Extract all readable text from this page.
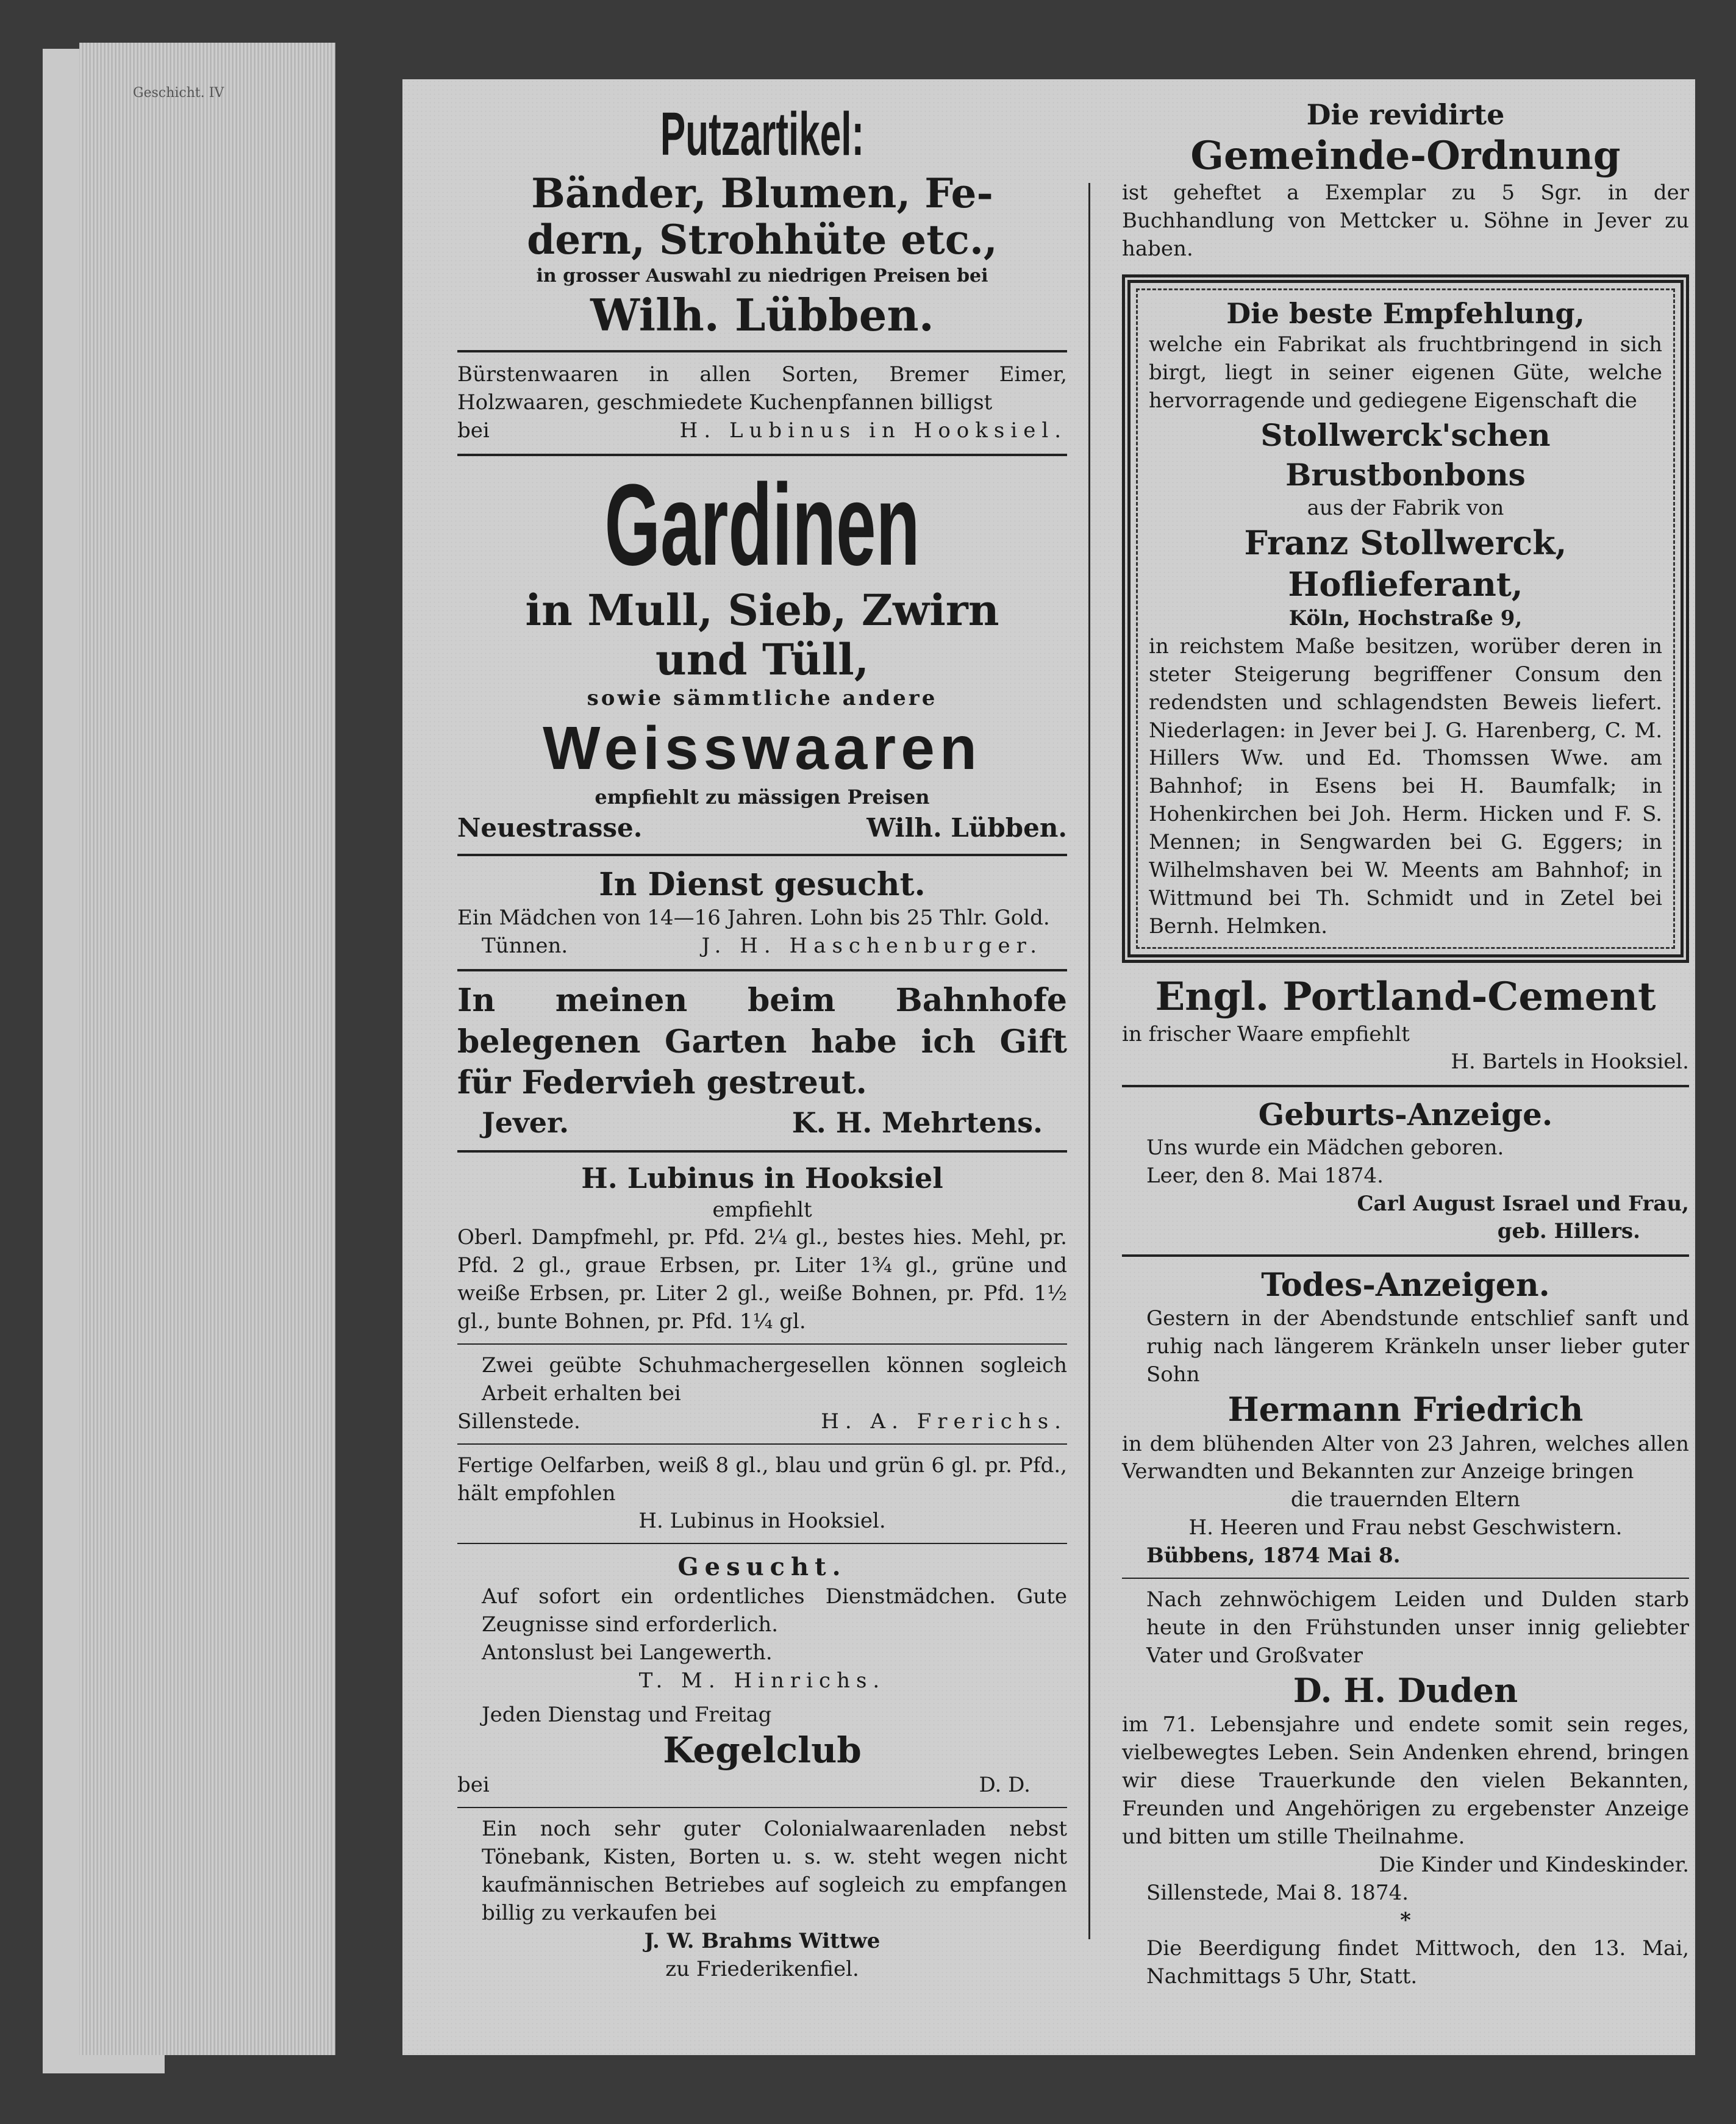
Geschicht. IV
Putzartikel:

Bänder, Blumen, Fe-

dern, Strohhüte etc.,

in grosser Auswahl zu niedrigen Preisen bei

Wilh. Lübben.

Bürstenwaaren in allen Sorten, Bremer Eimer, Holzwaaren, geschmiedete Kuchenpfannen billigst

bei	H. Lubinus in Hooksiel.
Gardinen

in Mull, Sieb, Zwirn

und Tüll,

sowie sämmtliche andere

Weisswaaren

empfiehlt zu mässigen Preisen

Neuestrasse.	Wilh. Lübben.

In Dienst gesucht.

Ein Mädchen von 14—16 Jahren. Lohn bis 25 Thlr. Gold.

Tünnen.	J. H. Haschenburger.

In meinen beim Bahnhofe belegenen Garten habe ich Gift für Federvieh gestreut.

Jever.	K. H. Mehrtens.

H. Lubinus in Hooksiel

empfiehlt

Oberl. Dampfmehl, pr. Pfd. 2¼ gl., bestes hies. Mehl, pr. Pfd. 2 gl., graue Erbsen, pr. Liter 1¾ gl., grüne und weiße Erbsen, pr. Liter 2 gl., weiße Bohnen, pr. Pfd. 1½ gl., bunte Bohnen, pr. Pfd. 1¼ gl.

Zwei geübte Schuhmachergesellen können sogleich Arbeit erhalten bei

Sillenstede.	H. A. Frerichs.

Fertige Oelfarben, weiß 8 gl., blau und grün 6 gl. pr. Pfd., hält empfohlen

H. Lubinus in Hooksiel.

Gesucht.

Auf sofort ein ordentliches Dienstmädchen. Gute Zeugnisse sind erforderlich.

Antonslust bei Langewerth.

T. M. Hinrichs.

Jeden Dienstag und Freitag

Kegelclub

bei	D. D.

Ein noch sehr guter Colonialwaarenladen nebst Tönebank, Kisten, Borten u. s. w. steht wegen nicht kaufmännischen Betriebes auf sogleich zu empfangen billig zu verkaufen bei

J. W. Brahms Wittwe

zu Friederikenfiel.

Die revidirte

Gemeinde-Ordnung

ist geheftet a Exemplar zu 5 Sgr. in der Buchhandlung von Mettcker u. Söhne in Jever zu haben.

Die beste Empfehlung,

welche ein Fabrikat als fruchtbringend in sich birgt, liegt in seiner eigenen Güte, welche hervorragende und gediegene Eigenschaft die

Stollwerck'schen Brustbonbons

aus der Fabrik von

Franz Stollwerck, Hoflieferant,

Köln, Hochstraße 9,

in reichstem Maße besitzen, worüber deren in steter Steigerung begriffener Consum den redendsten und schlagendsten Beweis liefert. Niederlagen: in Jever bei J. G. Harenberg, C. M. Hillers Ww. und Ed. Thomssen Wwe. am Bahnhof; in Esens bei H. Baumfalk; in Hohenkirchen bei Joh. Herm. Hicken und F. S. Mennen; in Sengwarden bei G. Eggers; in Wilhelmshaven bei W. Meents am Bahnhof; in Wittmund bei Th. Schmidt und in Zetel bei Bernh. Helmken.

Engl. Portland-Cement

in frischer Waare empfiehlt

H. Bartels in Hooksiel.

Geburts-Anzeige.

Uns wurde ein Mädchen geboren.

Leer, den 8. Mai 1874.

Carl August Israel und Frau,

geb. Hillers.

Todes-Anzeigen.

Gestern in der Abendstunde entschlief sanft und ruhig nach längerem Kränkeln unser lieber guter Sohn

Hermann Friedrich

in dem blühenden Alter von 23 Jahren, welches allen Verwandten und Bekannten zur Anzeige bringen

die trauernden Eltern

H. Heeren und Frau nebst Geschwistern.

Bübbens, 1874 Mai 8.

Nach zehnwöchigem Leiden und Dulden starb heute in den Frühstunden unser innig geliebter Vater und Großvater

D. H. Duden

im 71. Lebensjahre und endete somit sein reges, vielbewegtes Leben. Sein Andenken ehrend, bringen wir diese Trauerkunde den vielen Bekannten, Freunden und Angehörigen zu ergebenster Anzeige und bitten um stille Theilnahme.

Die Kinder und Kindeskinder.

Sillenstede, Mai 8. 1874.

*

Die Beerdigung findet Mittwoch, den 13. Mai, Nachmittags 5 Uhr, Statt.
